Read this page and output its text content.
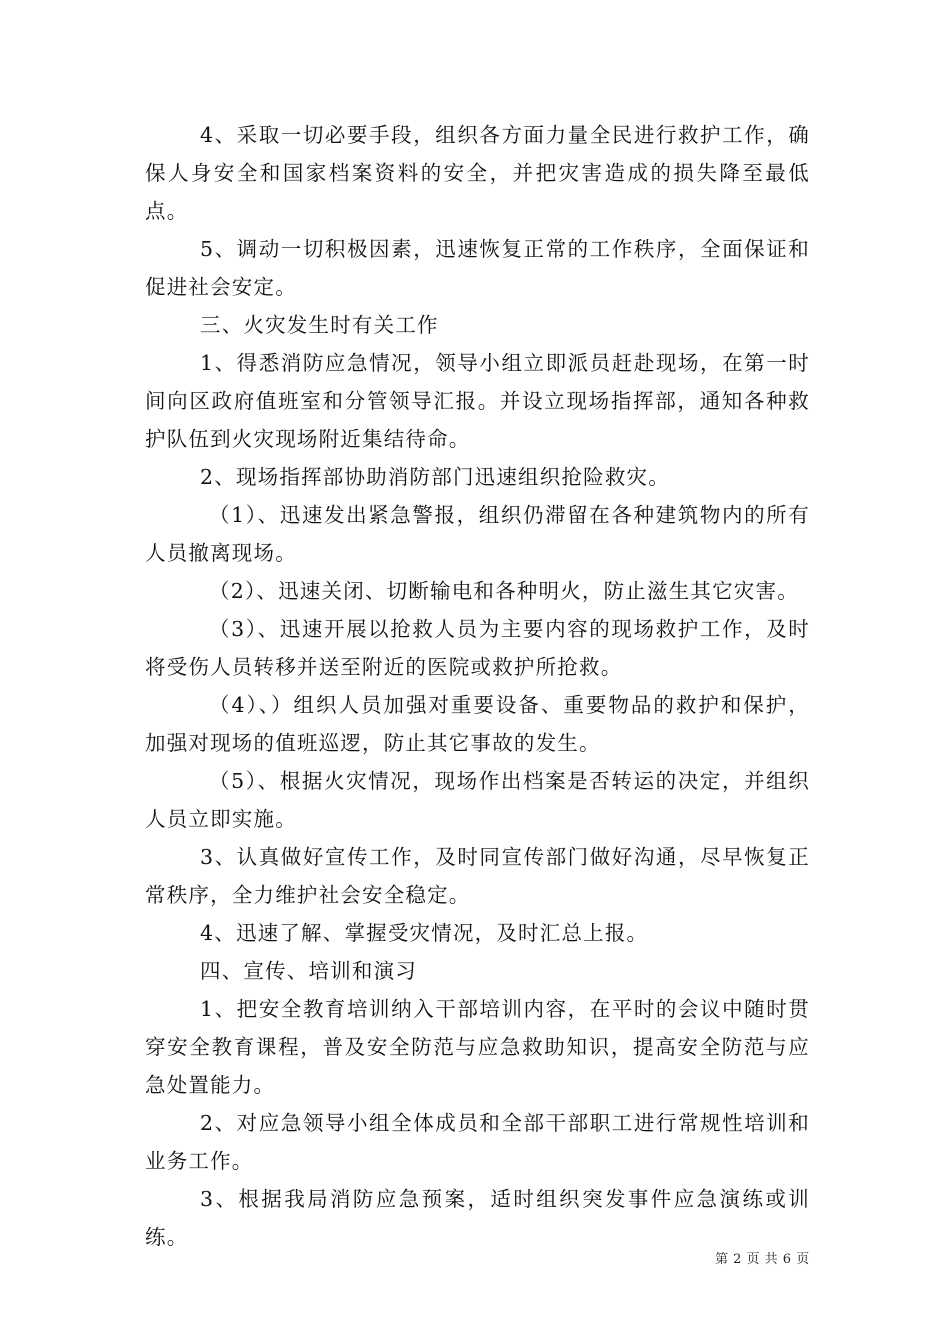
4、采取一切必要手段，组织各方面力量全民进行救护工作，确保人身安全和国家档案资料的安全，并把灾害造成的损失降至最低点。

5、调动一切积极因素，迅速恢复正常的工作秩序，全面保证和促进社会安定。

三、火灾发生时有关工作

1、得悉消防应急情况，领导小组立即派员赶赴现场，在第一时间向区政府值班室和分管领导汇报。并设立现场指挥部，通知各种救护队伍到火灾现场附近集结待命。

2、现场指挥部协助消防部门迅速组织抢险救灾。

（1）、迅速发出紧急警报，组织仍滞留在各种建筑物内的所有人员撤离现场。

（2）、迅速关闭、切断输电和各种明火，防止滋生其它灾害。

（3）、迅速开展以抢救人员为主要内容的现场救护工作，及时将受伤人员转移并送至附近的医院或救护所抢救。

（4）、）组织人员加强对重要设备、重要物品的救护和保护，加强对现场的值班巡逻，防止其它事故的发生。

（5）、根据火灾情况，现场作出档案是否转运的决定，并组织人员立即实施。

3、认真做好宣传工作，及时同宣传部门做好沟通，尽早恢复正常秩序，全力维护社会安全稳定。

4、迅速了解、掌握受灾情况，及时汇总上报。

四、宣传、培训和演习

1、把安全教育培训纳入干部培训内容，在平时的会议中随时贯穿安全教育课程，普及安全防范与应急救助知识，提高安全防范与应急处置能力。

2、对应急领导小组全体成员和全部干部职工进行常规性培训和业务工作。

3、根据我局消防应急预案，适时组织突发事件应急演练或训练。

第 2 页 共 6 页
